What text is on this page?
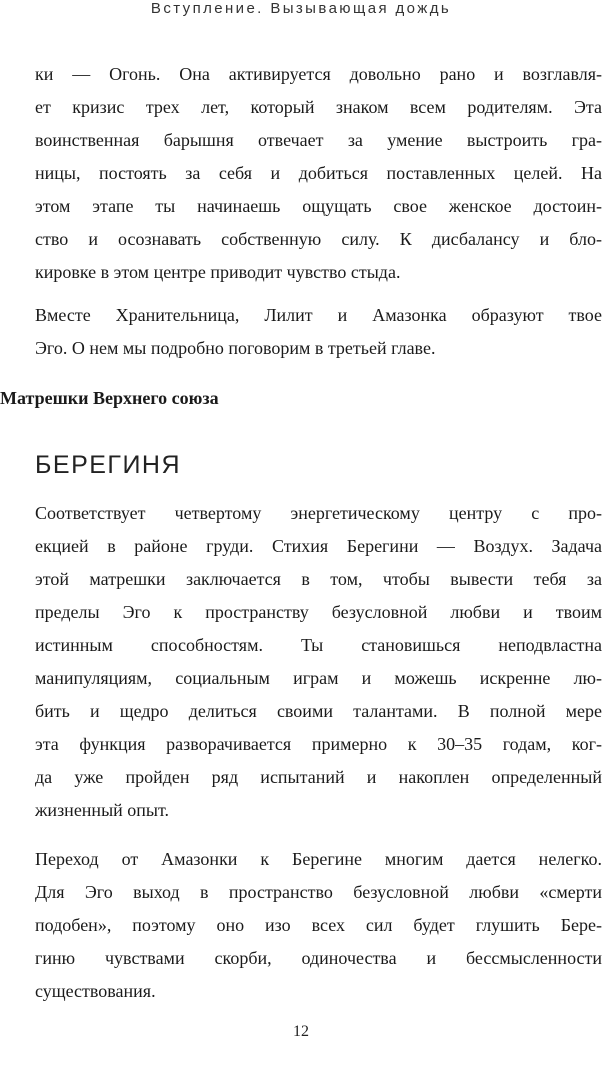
Вступление. Вызывающая дождь
ки — Огонь. Она активируется довольно рано и возглавля-
ет кризис трех лет, который знаком всем родителям. Эта
воинственная барышня отвечает за умение выстроить гра-
ницы, постоять за себя и добиться поставленных целей. На
этом этапе ты начинаешь ощущать свое женское достоин-
ство и осознавать собственную силу. К дисбалансу и бло-
кировке в этом центре приводит чувство стыда.
Вместе Хранительница, Лилит и Амазонка образуют твое
Эго. О нем мы подробно поговорим в третьей главе.
Матрешки Верхнего союза
БЕРЕГИНЯ
Соответствует четвертому энергетическому центру с про-
екцией в районе груди. Стихия Берегини — Воздух. Задача
этой матрешки заключается в том, чтобы вывести тебя за
пределы Эго к пространству безусловной любви и твоим
истинным способностям. Ты становишься неподвластна
манипуляциям, социальным играм и можешь искренне лю-
бить и щедро делиться своими талантами. В полной мере
эта функция разворачивается примерно к 30–35 годам, ког-
да уже пройден ряд испытаний и накоплен определенный
жизненный опыт.
Переход от Амазонки к Берегине многим дается нелегко.
Для Эго выход в пространство безусловной любви «смерти
подобен», поэтому оно изо всех сил будет глушить Бере-
гиню чувствами скорби, одиночества и бессмысленности
существования.
12
